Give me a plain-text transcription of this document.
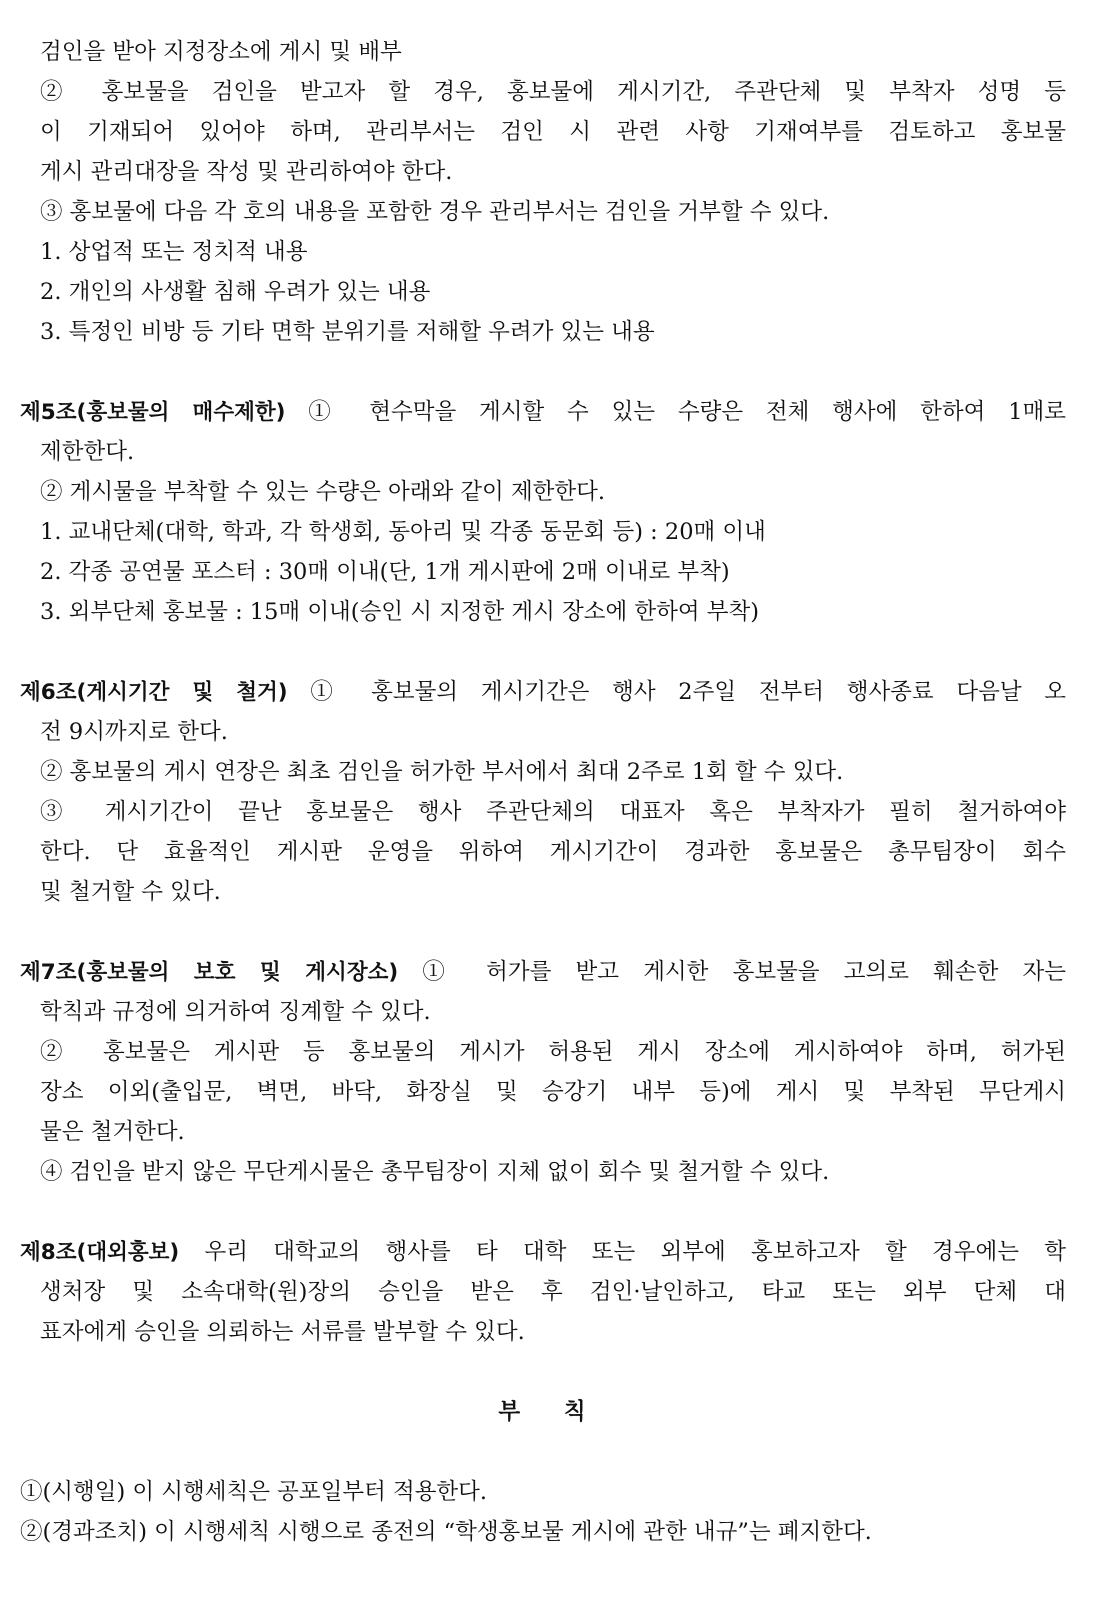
검인을 받아 지정장소에 게시 및 배부
② 홍보물을 검인을 받고자 할 경우, 홍보물에 게시기간, 주관단체 및 부착자 성명 등
이 기재되어 있어야 하며, 관리부서는 검인 시 관련 사항 기재여부를 검토하고 홍보물
게시 관리대장을 작성 및 관리하여야 한다.
③ 홍보물에 다음 각 호의 내용을 포함한 경우 관리부서는 검인을 거부할 수 있다.
1. 상업적 또는 정치적 내용
2. 개인의 사생활 침해 우려가 있는 내용
3. 특정인 비방 등 기타 면학 분위기를 저해할 우려가 있는 내용
제5조(홍보물의 매수제한) ① 현수막을 게시할 수 있는 수량은 전체 행사에 한하여 1매로
제한한다.
② 게시물을 부착할 수 있는 수량은 아래와 같이 제한한다.
1. 교내단체(대학, 학과, 각 학생회, 동아리 및 각종 동문회 등) : 20매 이내
2. 각종 공연물 포스터 : 30매 이내(단, 1개 게시판에 2매 이내로 부착)
3. 외부단체 홍보물 : 15매 이내(승인 시 지정한 게시 장소에 한하여 부착)
제6조(게시기간 및 철거) ① 홍보물의 게시기간은 행사 2주일 전부터 행사종료 다음날 오
전 9시까지로 한다.
② 홍보물의 게시 연장은 최초 검인을 허가한 부서에서 최대 2주로 1회 할 수 있다.
③ 게시기간이 끝난 홍보물은 행사 주관단체의 대표자 혹은 부착자가 필히 철거하여야
한다. 단 효율적인 게시판 운영을 위하여 게시기간이 경과한 홍보물은 총무팀장이 회수
및 철거할 수 있다.
제7조(홍보물의 보호 및 게시장소) ① 허가를 받고 게시한 홍보물을 고의로 훼손한 자는
학칙과 규정에 의거하여 징계할 수 있다.
② 홍보물은 게시판 등 홍보물의 게시가 허용된 게시 장소에 게시하여야 하며, 허가된
장소 이외(출입문, 벽면, 바닥, 화장실 및 승강기 내부 등)에 게시 및 부착된 무단게시
물은 철거한다.
④ 검인을 받지 않은 무단게시물은 총무팀장이 지체 없이 회수 및 철거할 수 있다.
제8조(대외홍보) 우리 대학교의 행사를 타 대학 또는 외부에 홍보하고자 할 경우에는 학
생처장 및 소속대학(원)장의 승인을 받은 후 검인·날인하고, 타교 또는 외부 단체 대
표자에게 승인을 의뢰하는 서류를 발부할 수 있다.
부 칙
①(시행일) 이 시행세칙은 공포일부터 적용한다.
②(경과조치) 이 시행세칙 시행으로 종전의 “학생홍보물 게시에 관한 내규”는 폐지한다.
